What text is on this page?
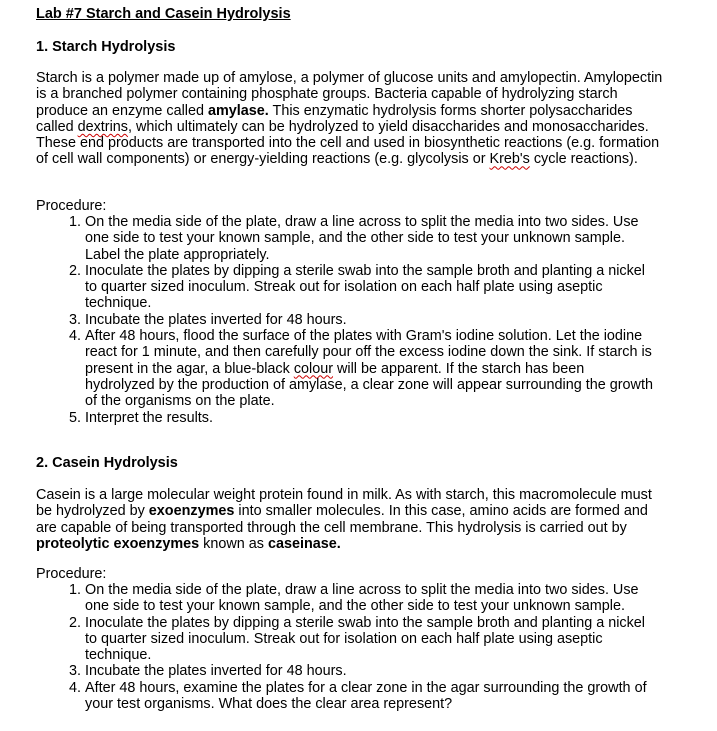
Lab #7 Starch and Casein Hydrolysis
1. Starch Hydrolysis
Starch is a polymer made up of amylose, a polymer of glucose units and amylopectin. Amylopectin is a branched polymer containing phosphate groups. Bacteria capable of hydrolyzing starch produce an enzyme called amylase. This enzymatic hydrolysis forms shorter polysaccharides called dextrins, which ultimately can be hydrolyzed to yield disaccharides and monosaccharides. These end products are transported into the cell and used in biosynthetic reactions (e.g. formation of cell wall components) or energy-yielding reactions (e.g. glycolysis or Kreb's cycle reactions).
Procedure:
1. On the media side of the plate, draw a line across to split the media into two sides. Use one side to test your known sample, and the other side to test your unknown sample. Label the plate appropriately.
2. Inoculate the plates by dipping a sterile swab into the sample broth and planting a nickel to quarter sized inoculum. Streak out for isolation on each half plate using aseptic technique.
3. Incubate the plates inverted for 48 hours.
4. After 48 hours, flood the surface of the plates with Gram's iodine solution. Let the iodine react for 1 minute, and then carefully pour off the excess iodine down the sink. If starch is present in the agar, a blue-black colour will be apparent. If the starch has been hydrolyzed by the production of amylase, a clear zone will appear surrounding the growth of the organisms on the plate.
5. Interpret the results.
2. Casein Hydrolysis
Casein is a large molecular weight protein found in milk. As with starch, this macromolecule must be hydrolyzed by exoenzymes into smaller molecules. In this case, amino acids are formed and are capable of being transported through the cell membrane. This hydrolysis is carried out by proteolytic exoenzymes known as caseinase.
Procedure:
1. On the media side of the plate, draw a line across to split the media into two sides. Use one side to test your known sample, and the other side to test your unknown sample.
2. Inoculate the plates by dipping a sterile swab into the sample broth and planting a nickel to quarter sized inoculum. Streak out for isolation on each half plate using aseptic technique.
3. Incubate the plates inverted for 48 hours.
4. After 48 hours, examine the plates for a clear zone in the agar surrounding the growth of your test organisms. What does the clear area represent?
